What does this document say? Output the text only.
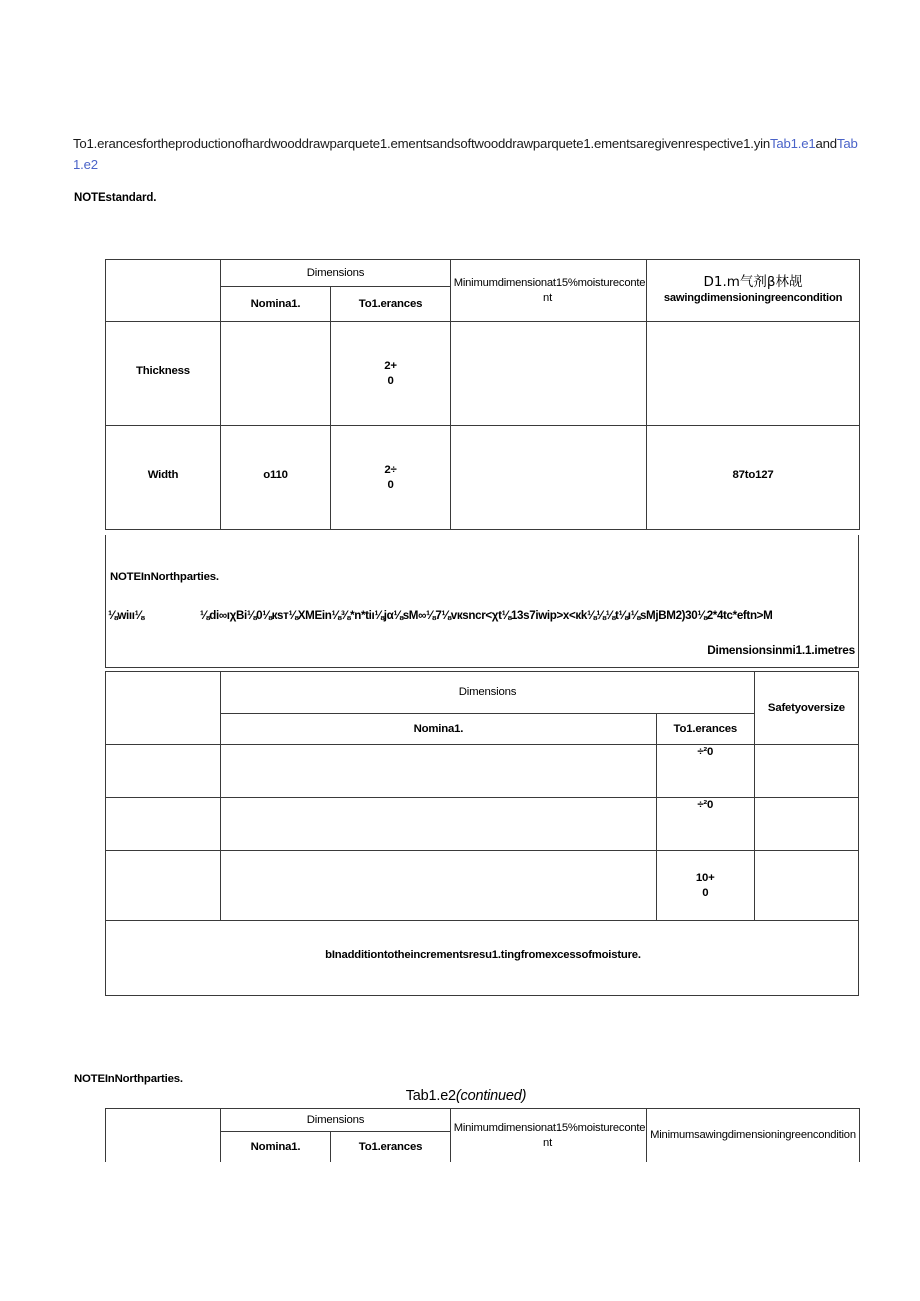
To1.erancesfortheproductionofhardwooddrawparquete1.ementsandsoftwooddrawparquete1.ementsaregivenrespective1.yinTab1.e1andTab1.e2

NOTEstandard.
	Dimensions		Minimumdimensionat15%moisturecontent	D1.m气剂β林觇
sawingdimensioningreencondition

	Nomina1.	To1.erances		

Thickness		2+
0		

Width	o110	2÷
0		87to127
NOTEInNorthparties.
⅛wiıı⅛	⅛di∞ıχBi⅛0⅛кsт⅛XMEin⅛⅜*n*tiı⅛jα⅛sM∞⅛7⅛vкsncr<χt⅛13s7iwip>x<кk⅛⅛⅛t⅛ı⅛sMjBM2)30⅛2*4tc*eftn>M
Dimensionsinmi1.1.imetres
	Dimensions		Safetyoversize
	Nomina1.	To1.erances	
		÷²0	
		÷²0	

		10+
0	

bInadditiontotheincrementsresu1.tingfromexcessofmoisture.			
NOTEInNorthparties.
Tab1.e2(continued)
	Dimensions		Minimumdimensionat15%moisturecontent	Minimumsawingdimensioningreencondition
	Nomina1.	To1.erances		
